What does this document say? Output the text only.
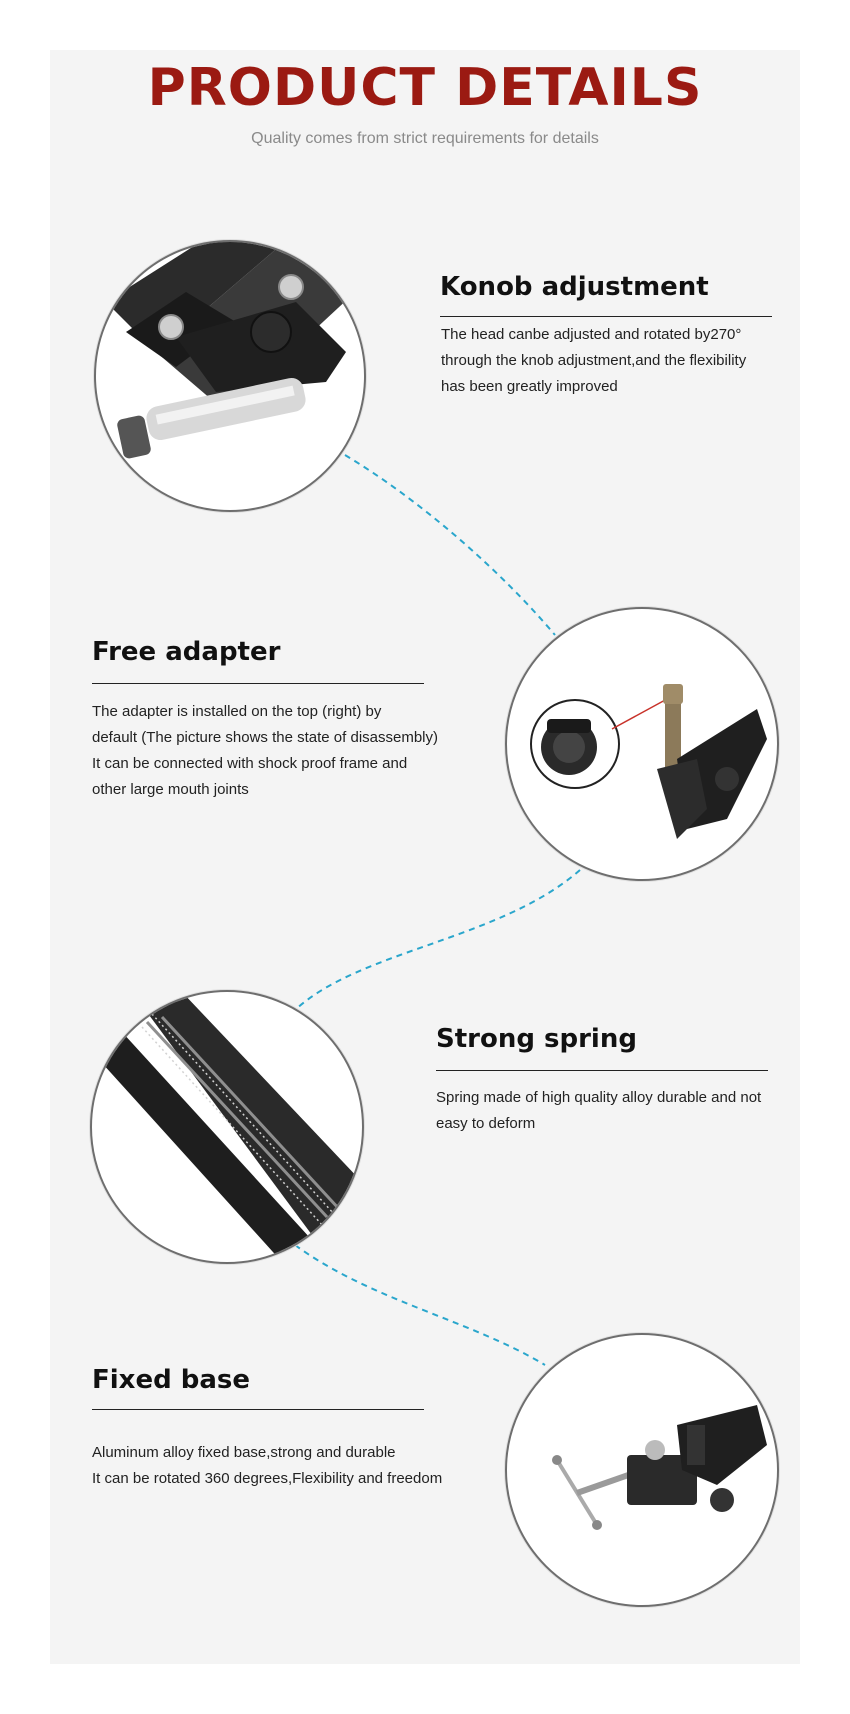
PRODUCT DETAILS
Quality comes from strict requirements for details
Konob adjustment
The head canbe adjusted and rotated by270°
through the knob adjustment,and the flexibility
has been greatly improved
Free adapter
The adapter is installed on the top (right) by
default (The picture shows the state of disassembly)
It can be connected with shock proof frame and
other large mouth joints
Strong spring
Spring made of high quality alloy durable and not
easy to deform
Fixed base
Aluminum alloy fixed base,strong and durable
It can be rotated 360 degrees,Flexibility and freedom
